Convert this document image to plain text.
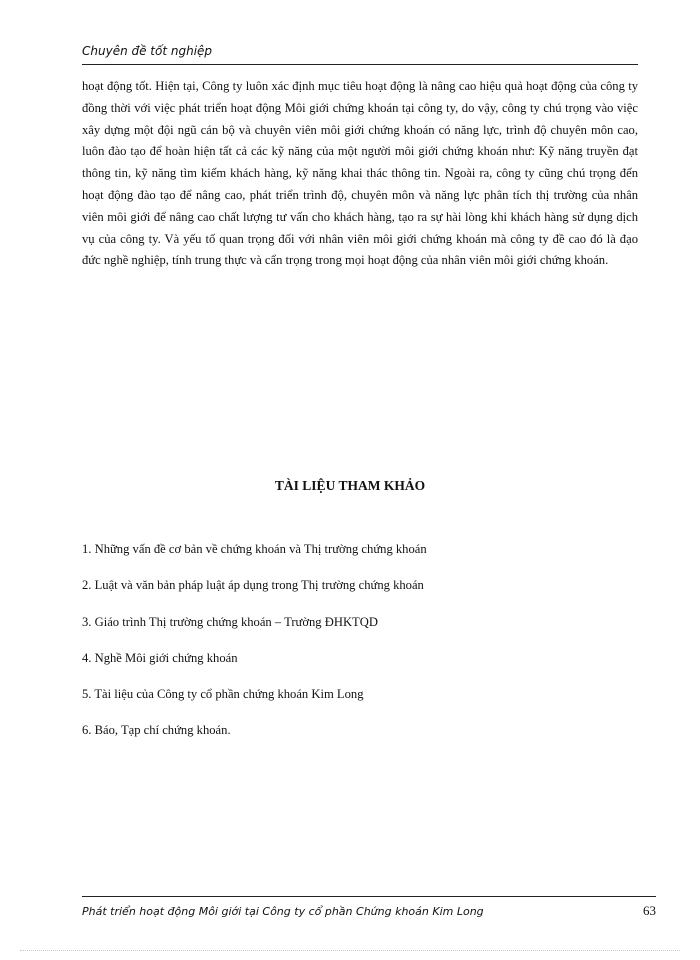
Chuyên đề tốt nghiệp

hoạt động tốt. Hiện tại, Công ty luôn xác định mục tiêu hoạt động là nâng cao hiệu quả hoạt động của công ty đồng thời với việc phát triển hoạt động Môi giới chứng khoán tại công ty, do vậy, công ty chú trọng vào việc xây dựng một đội ngũ cán bộ và chuyên viên môi giới chứng khoán có năng lực, trình độ chuyên môn cao, luôn đào tạo để hoàn hiện tất cả các kỹ năng của một người môi giới chứng khoán như: Kỹ năng truyền đạt thông tin, kỹ năng tìm kiếm khách hàng, kỹ năng khai thác thông tin. Ngoài ra, công ty cũng chú trọng đến hoạt động đào tạo để nâng cao, phát triển trình độ, chuyên môn và năng lực phân tích thị trường của nhân viên môi giới để nâng cao chất lượng tư vấn cho khách hàng, tạo ra sự hài lòng khi khách hàng sử dụng dịch vụ của công ty. Và yếu tố quan trọng đối với nhân viên môi giới chứng khoán mà công ty đề cao đó là đạo đức nghề nghiệp, tính trung thực và cẩn trọng trong mọi hoạt động của nhân viên môi giới chứng khoán.

TÀI LIỆU THAM KHẢO
1. Những vấn đề cơ bản về chứng khoán và Thị trường chứng khoán
2. Luật và văn bản pháp luật áp dụng trong Thị trường chứng khoán
3. Giáo trình Thị trường chứng khoán – Trường ĐHKTQD
4. Nghề Môi giới chứng khoán
5. Tài liệu của Công ty cổ phần chứng khoán Kim Long
6. Báo, Tạp chí chứng khoán.
Phát triển hoạt động Môi giới tại Công ty cổ phần Chứng khoán Kim Long	63
